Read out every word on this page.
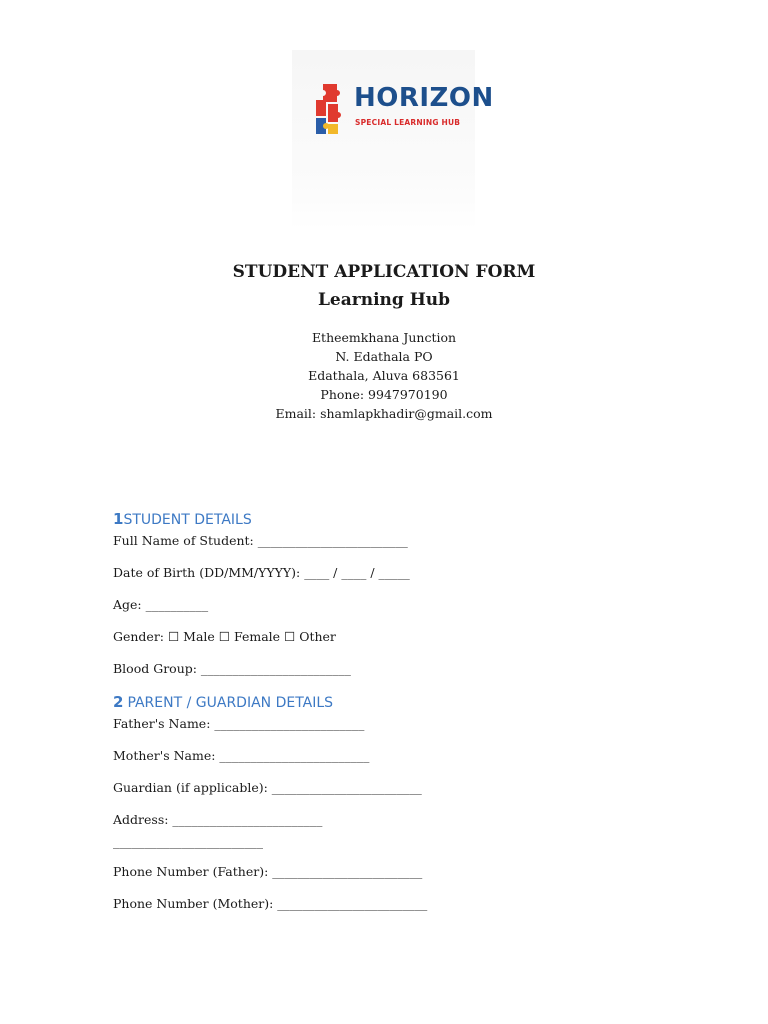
HORIZON
SPECIAL LEARNING HUB
STUDENT APPLICATION FORM
Learning Hub
Etheemkhana Junction
N. Edathala PO
Edathala, Aluva 683561
Phone: 9947970190
Email: shamlapkhadir@gmail.com
1STUDENT DETAILS
Full Name of Student: ________________________
Date of Birth (DD/MM/YYYY): ____ / ____ / _____
Age: __________
Gender: ☐ Male ☐ Female ☐ Other
Blood Group: ________________________
2 PARENT / GUARDIAN DETAILS
Father's Name: ________________________
Mother's Name: ________________________
Guardian (if applicable): ________________________
Address: ________________________
________________________
Phone Number (Father): ________________________
Phone Number (Mother): ________________________
